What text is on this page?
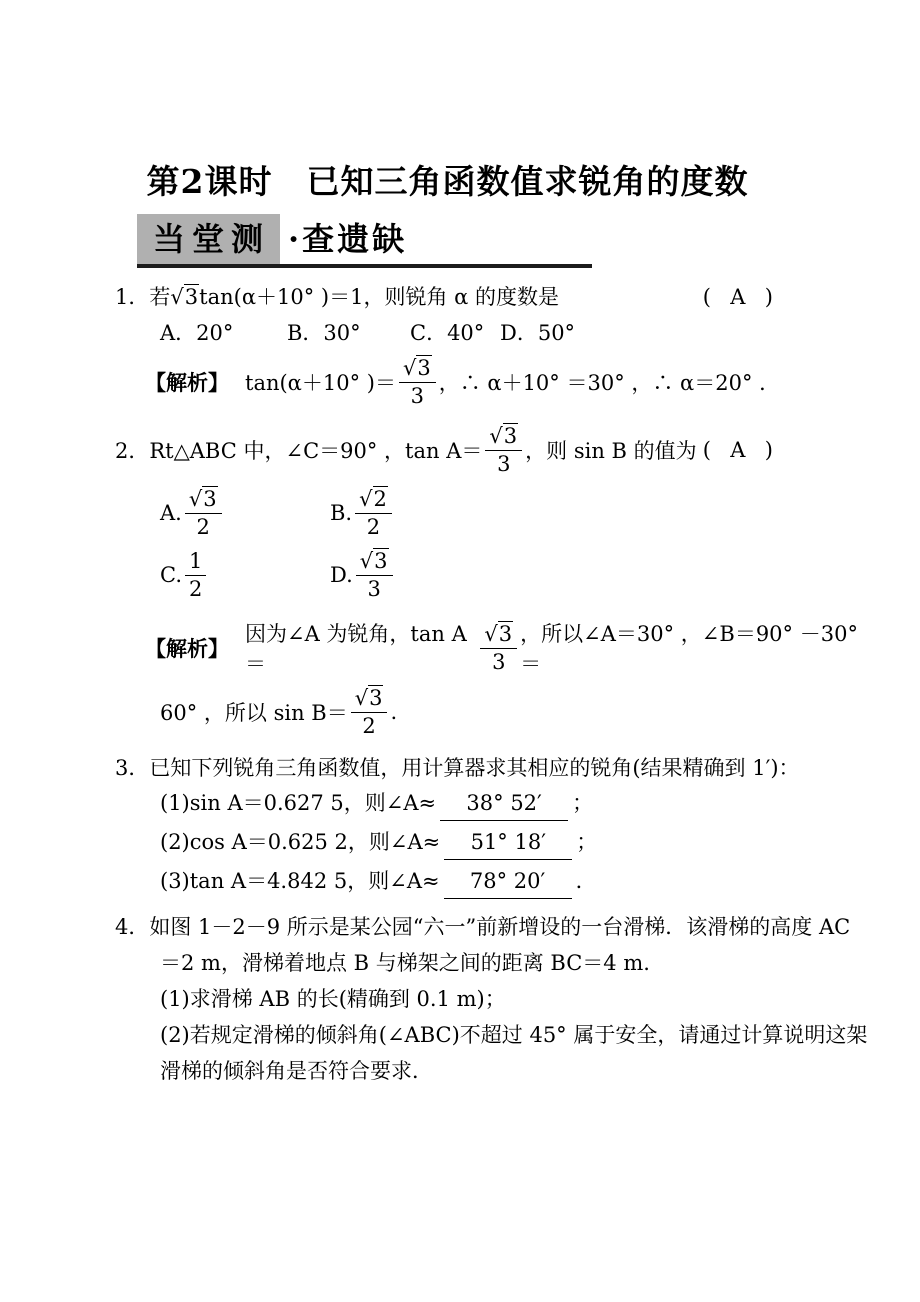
第2课时　已知三角函数值求锐角的度数
当堂测 ·查遗缺
1．若√3tan(α＋10° )＝1，则锐角 α 的度数是	(  A  )
A．20°	B．30° C．40° D．50°
【解析】 tan(α＋10° )＝ $\frac{√3}{3}$ ，∴ α＋10° ＝30° ，∴ α＝20° ．
2．Rt△ABC 中，∠C＝90° ，$\tan A= \frac{√3}{3}$ ，则 sin B 的值为 (  A  )
A. $\frac{√3}{2}$	B. $\frac{√2}{2}$
C. $\frac{1}{2}$	D. $\frac{√3}{3}$
【解析】
因为∠A 为锐角，tan A＝	$\frac{√3}{3}$ ，所以∠A＝30° ，∠B＝90° －30° ＝
60° ，所以 $\sin B= \frac{√3}{2}$ .
3．已知下列锐角三角函数值，用计算器求其相应的锐角(结果精确到 1′)：
(1)sin A＝0.627 5，则∠A≈ 38° 52′ ；
(2)cos A＝0.625 2，则∠A≈ 51° 18′ ；
(3)tan A＝4.842 5，则∠A≈ 78° 20′ ．
4．如图 1－2－9 所示是某公园“六一”前新增设的一台滑梯．该滑梯的高度 AC
＝2 m，滑梯着地点 B 与梯架之间的距离 BC＝4 m.
(1)求滑梯 AB 的长(精确到 0.1 m)；
(2)若规定滑梯的倾斜角(∠ABC)不超过 45° 属于安全，请通过计算说明这架
滑梯的倾斜角是否符合要求．
